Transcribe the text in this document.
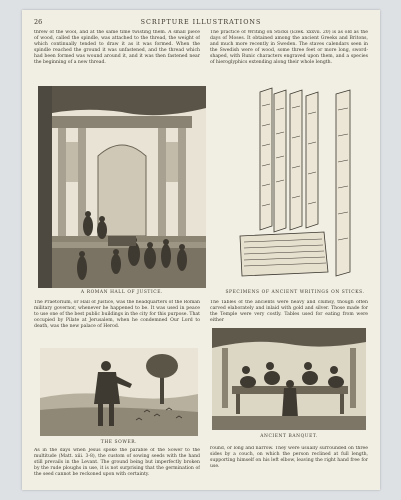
26	SCRIPTURE ILLUSTRATIONS
threw of the wool, and at the same time twisting them. A small piece of wood, called the spindle, was attached to the thread, the weight of which continually tended to draw it as it was formed. When the spindle reached the ground it was unfastened, and the thread which had been formed was wound around it, and it was then fastened near the beginning of a new thread.
The practice of Writing on Sticks (Ezek. xxxvii. 20) is as old as the days of Moses. It obtained among the ancient Greeks and Britons, and much more recently in Sweden. The staves calendars seen in the Swedish were of wood, some three feet or more long, sword-shaped, with Runic characters engraved upon them, and a species of hieroglyphics extending along their whole length.
A ROMAN HALL OF JUSTICE.	SPECIMENS OF ANCIENT WRITINGS ON STICKS.
The Praetorium, or Hall of Justice, was the headquarters of the Roman military governor, whenever he happened to be. It was used in peace to use one of the best public buildings in the city for this purpose. That occupied by Pilate at Jerusalem, when he condemned Our Lord to death, was the new palace of Herod.
The Tables of the ancients were heavy and clumsy, though often carved elaborately and inlaid with gold and silver. Those made for the Temple were very costly. Tables used for eating from were either
THE SOWER.
ANCIENT BANQUET.
As in the days when Jesus spoke the parable of the Sower to the multitude (Matt. xiii. 3-8), the custom of sowing seeds with the hand still prevails in the Levant. The ground being but imperfectly broken by the rude ploughs in use, it is not surprising that the germination of the seed cannot be reckoned upon with certainty.
round, or long and narrow. They were usually surrounded on three sides by a couch, on which the person reclined at full length, supporting himself on his left elbow, leaving the right hand free for use.
